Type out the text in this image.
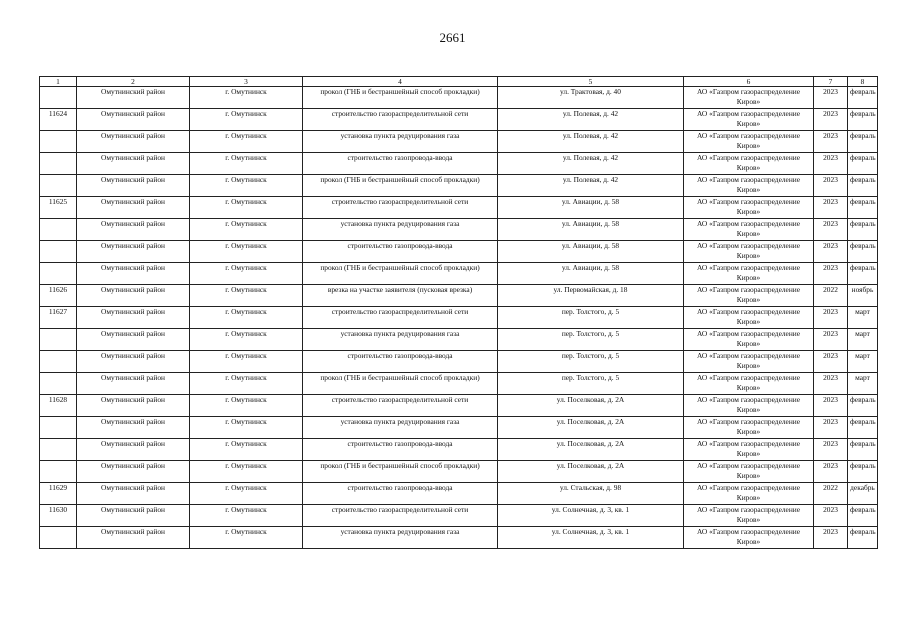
2661
1	2	3	4	5	6	7	8
	Омутнинский район	г. Омутнинск	прокол (ГНБ и бестраншейный способ прокладки)	ул. Трактовая, д. 40	АО «Газпром газораспределение Киров»	2023	февраль
11624	Омутнинский район	г. Омутнинск	строительство газораспределительной сети	ул. Полевая, д. 42	АО «Газпром газораспределение Киров»	2023	февраль
	Омутнинский район	г. Омутнинск	установка пункта редуцирования газа	ул. Полевая, д. 42	АО «Газпром газораспределение Киров»	2023	февраль
	Омутнинский район	г. Омутнинск	строительство газопровода-ввода	ул. Полевая, д. 42	АО «Газпром газораспределение Киров»	2023	февраль
	Омутнинский район	г. Омутнинск	прокол (ГНБ и бестраншейный способ прокладки)	ул. Полевая, д. 42	АО «Газпром газораспределение Киров»	2023	февраль
11625	Омутнинский район	г. Омутнинск	строительство газораспределительной сети	ул. Авиации, д. 58	АО «Газпром газораспределение Киров»	2023	февраль
	Омутнинский район	г. Омутнинск	установка пункта редуцирования газа	ул. Авиации, д. 58	АО «Газпром газораспределение Киров»	2023	февраль
	Омутнинский район	г. Омутнинск	строительство газопровода-ввода	ул. Авиации, д. 58	АО «Газпром газораспределение Киров»	2023	февраль
	Омутнинский район	г. Омутнинск	прокол (ГНБ и бестраншейный способ прокладки)	ул. Авиации, д. 58	АО «Газпром газораспределение Киров»	2023	февраль
11626	Омутнинский район	г. Омутнинск	врезка на участке заявителя (пусковая врезка)	ул. Первомайская, д. 18	АО «Газпром газораспределение Киров»	2022	ноябрь
11627	Омутнинский район	г. Омутнинск	строительство газораспределительной сети	пер. Толстого, д. 5	АО «Газпром газораспределение Киров»	2023	март
	Омутнинский район	г. Омутнинск	установка пункта редуцирования газа	пер. Толстого, д. 5	АО «Газпром газораспределение Киров»	2023	март
	Омутнинский район	г. Омутнинск	строительство газопровода-ввода	пер. Толстого, д. 5	АО «Газпром газораспределение Киров»	2023	март
	Омутнинский район	г. Омутнинск	прокол (ГНБ и бестраншейный способ прокладки)	пер. Толстого, д. 5	АО «Газпром газораспределение Киров»	2023	март
11628	Омутнинский район	г. Омутнинск	строительство газораспределительной сети	ул. Поселковая, д. 2А	АО «Газпром газораспределение Киров»	2023	февраль
	Омутнинский район	г. Омутнинск	установка пункта редуцирования газа	ул. Поселковая, д. 2А	АО «Газпром газораспределение Киров»	2023	февраль
	Омутнинский район	г. Омутнинск	строительство газопровода-ввода	ул. Поселковая, д. 2А	АО «Газпром газораспределение Киров»	2023	февраль
	Омутнинский район	г. Омутнинск	прокол (ГНБ и бестраншейный способ прокладки)	ул. Поселковая, д. 2А	АО «Газпром газораспределение Киров»	2023	февраль
11629	Омутнинский район	г. Омутнинск	строительство газопровода-ввода	ул. Стальская, д. 98	АО «Газпром газораспределение Киров»	2022	декабрь
11630	Омутнинский район	г. Омутнинск	строительство газораспределительной сети	ул. Солнечная, д. 3, кв. 1	АО «Газпром газораспределение Киров»	2023	февраль
	Омутнинский район	г. Омутнинск	установка пункта редуцирования газа	ул. Солнечная, д. 3, кв. 1	АО «Газпром газораспределение Киров»	2023	февраль
